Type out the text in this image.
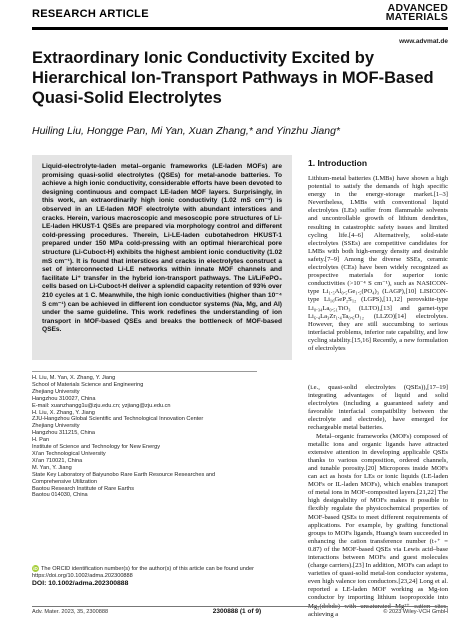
RESEARCH ARTICLE	ADVANCED
MATERIALS
www.advmat.de
Extraordinary Ionic Conductivity Excited by Hierarchical Ion-Transport Pathways in MOF-Based Quasi-Solid Electrolytes
Huiling Liu, Hongge Pan, Mi Yan, Xuan Zhang,* and Yinzhu Jiang*
Liquid-electrolyte-laden metal–organic frameworks (LE-laden MOFs) are promising quasi-solid electrolytes (QSEs) for metal-anode batteries. To achieve a high ionic conductivity, considerable efforts have been devoted to designing continuous and compact LE-laden MOF layers. Surprisingly, in this work, an extraordinarily high ionic conductivity (1.02 mS cm⁻¹) is observed in an LE-laden MOF electrolyte with abundant interstices and cracks. Herein, various macroscopic and mesoscopic pore structures of Li-LE-laden HKUST-1 QSEs are prepared via morphology control and different cold-pressing procedures. Therein, Li-LE-laden cubotahedron HKUST-1 prepared under 150 MPa cold-pressing with an optimal hierarchical pore structure (Li-Cuboct-H) exhibits the highest ambient ionic conductivity (1.02 mS cm⁻¹). It is found that interstices and cracks in electrolytes construct a set of interconnected Li-LE networks within innate MOF channels and facilitate Li⁺ transfer in the hybrid ion-transport pathways. The Li/LiFePO₄ cells based on Li-Cuboct-H deliver a splendid capacity retention of 93% over 210 cycles at 1 C. Meanwhile, the high ionic conductivities (higher than 10⁻⁴ S cm⁻¹) can be achieved in different ion conductor systems (Na, Mg, and Al) under the same guideline. This work redefines the understanding of ion transport in MOF-based QSEs and breaks the bottleneck of MOF-based QSEs.
1. Introduction
Lithium-metal batteries (LMBs) have shown a high potential to satisfy the demands of high specific energy in the energy-storage market.[1–3] Nevertheless, LMBs with conventional liquid electrolytes (LEs) suffer from flammable solvents and uncontrollable growth of lithium dendrites, resulting in catastrophic safety issues and limited cycling life.[4–6] Alternatively, solid-state electrolytes (SSEs) are competitive candidates for LMBs with both high-energy density and desirable safety.[7–9] Among the diverse SSEs, ceramic electrolytes (CEs) have been widely recognized as prospective materials for superior ionic conductivities (>10⁻⁴ S cm⁻¹), such as NASICON-type Li₁.₅Al₀.₅Ge₁.₅(PO₄)₃ (LAGP),[10] LISICON-type Li₁₀GeP₂S₁₂ (LGPS),[11,12] perovskite-type Li₀.₃₄La₀.₅₁TiO₃ (LLTO),[13] and garnet-type Li₆.₄La₃Zr₁.₄Ta₀.₆O₁₂ (LLZO)[14] electrolytes. However, they are still succumbing to serious interfacial problems, inferior rate capability, and low cycling stability.[15,16] Recently, a new formulation of electrolytes
H. Liu, M. Yan, X. Zhang, Y. Jiang
School of Materials Science and Engineering
Zhejiang University
Hangzhou 310027, China
E-mail: xuanzhangg1u@zju.edu.cn; yzjiang@zju.edu.cn
H. Liu, X. Zhang, Y. Jiang
ZJU-Hangzhou Global Scientific and Technological Innovation Center
Zhejiang University
Hangzhou 311215, China
H. Pan
Institute of Science and Technology for New Energy
Xi'an Technological University
Xi'an 710021, China
M. Yan, Y. Jiang
State Key Laboratory of Baiyunobo Rare Earth Resource Researches and
Comprehensive Utilization
Baotou Research Institute of Rare Earths
Baotou 014030, China
(i.e., quasi-solid electrolytes (QSEs)),[17–19] integrating advantages of liquid and solid electrolytes (including a guaranteed safety and favorable interfacial compatibility between the electrolyte and electrode), have emerged for rechargeable metal batteries.
Metal–organic frameworks (MOFs) composed of metallic ions and organic ligands have attracted extensive attention in developing applicable QSEs thanks to various composition, ordered channels, and tunable porosity.[20] Micropores inside MOFs can act as hosts for LEs or ionic liquids (LE-laden MOFs or IL-laden MOFs), which enables transport of metal ions in MOF-composited layers.[21,22] The high designability of MOFs makes it possible to flexibly regulate the physicochemical properties of MOF-based QSEs to meet different requirements of applications. For example, by grafting functional groups to MOFs ligands, Huang's team succeeded in enhancing the cation transference number (t₊⁺ = 0.87) of the MOF-based QSEs via Lewis acid–base interactions between MOFs and guest molecules (charge carriers).[23] In addition, MOFs can adapt to varieties of quasi-solid metal-ion conductor systems, even high valence ion conductors.[23,24] Long et al. reported a LE-laden MOF working as Mg-ion conductor by importing lithium isopropoxide into achieving a
iD The ORCID identification number(s) for the author(s) of this article can be found under https://doi.org/10.1002/adma.202300888
DOI: 10.1002/adma.202300888
Adv. Mater. 2023, 35, 2300888	2300888 (1 of 9)	© 2023 Wiley-VCH GmbH
